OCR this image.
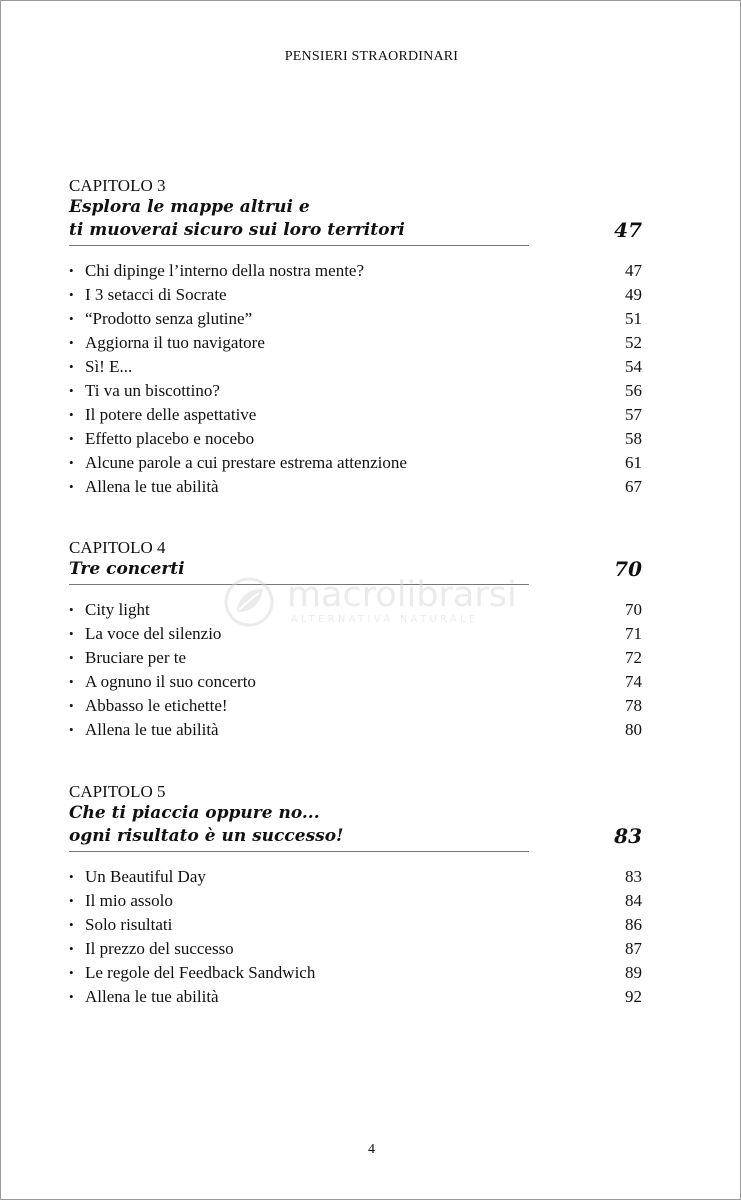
PENSIERI STRAORDINARI
CAPITOLO 3
Esplora le mappe altrui e
ti muoverai sicuro sui loro territori	47
• Chi dipinge l’interno della nostra mente?	47
• I 3 setacci di Socrate	49
• “Prodotto senza glutine”	51
• Aggiorna il tuo navigatore	52
• Sì! E...	54
• Ti va un biscottino?	56
• Il potere delle aspettative	57
• Effetto placebo e nocebo	58
• Alcune parole a cui prestare estrema attenzione	61
• Allena le tue abilità	67
CAPITOLO 4
Tre concerti	70
• City light	70
• La voce del silenzio	71
• Bruciare per te	72
• A ognuno il suo concerto	74
• Abbasso le etichette!	78
• Allena le tue abilità	80
CAPITOLO 5
Che ti piaccia oppure no...
ogni risultato è un successo!	83
• Un Beautiful Day	83
• Il mio assolo	84
• Solo risultati	86
• Il prezzo del successo	87
• Le regole del Feedback Sandwich	89
• Allena le tue abilità	92
macrolibrarsi
ALTERNATIVA NATURALE
4
